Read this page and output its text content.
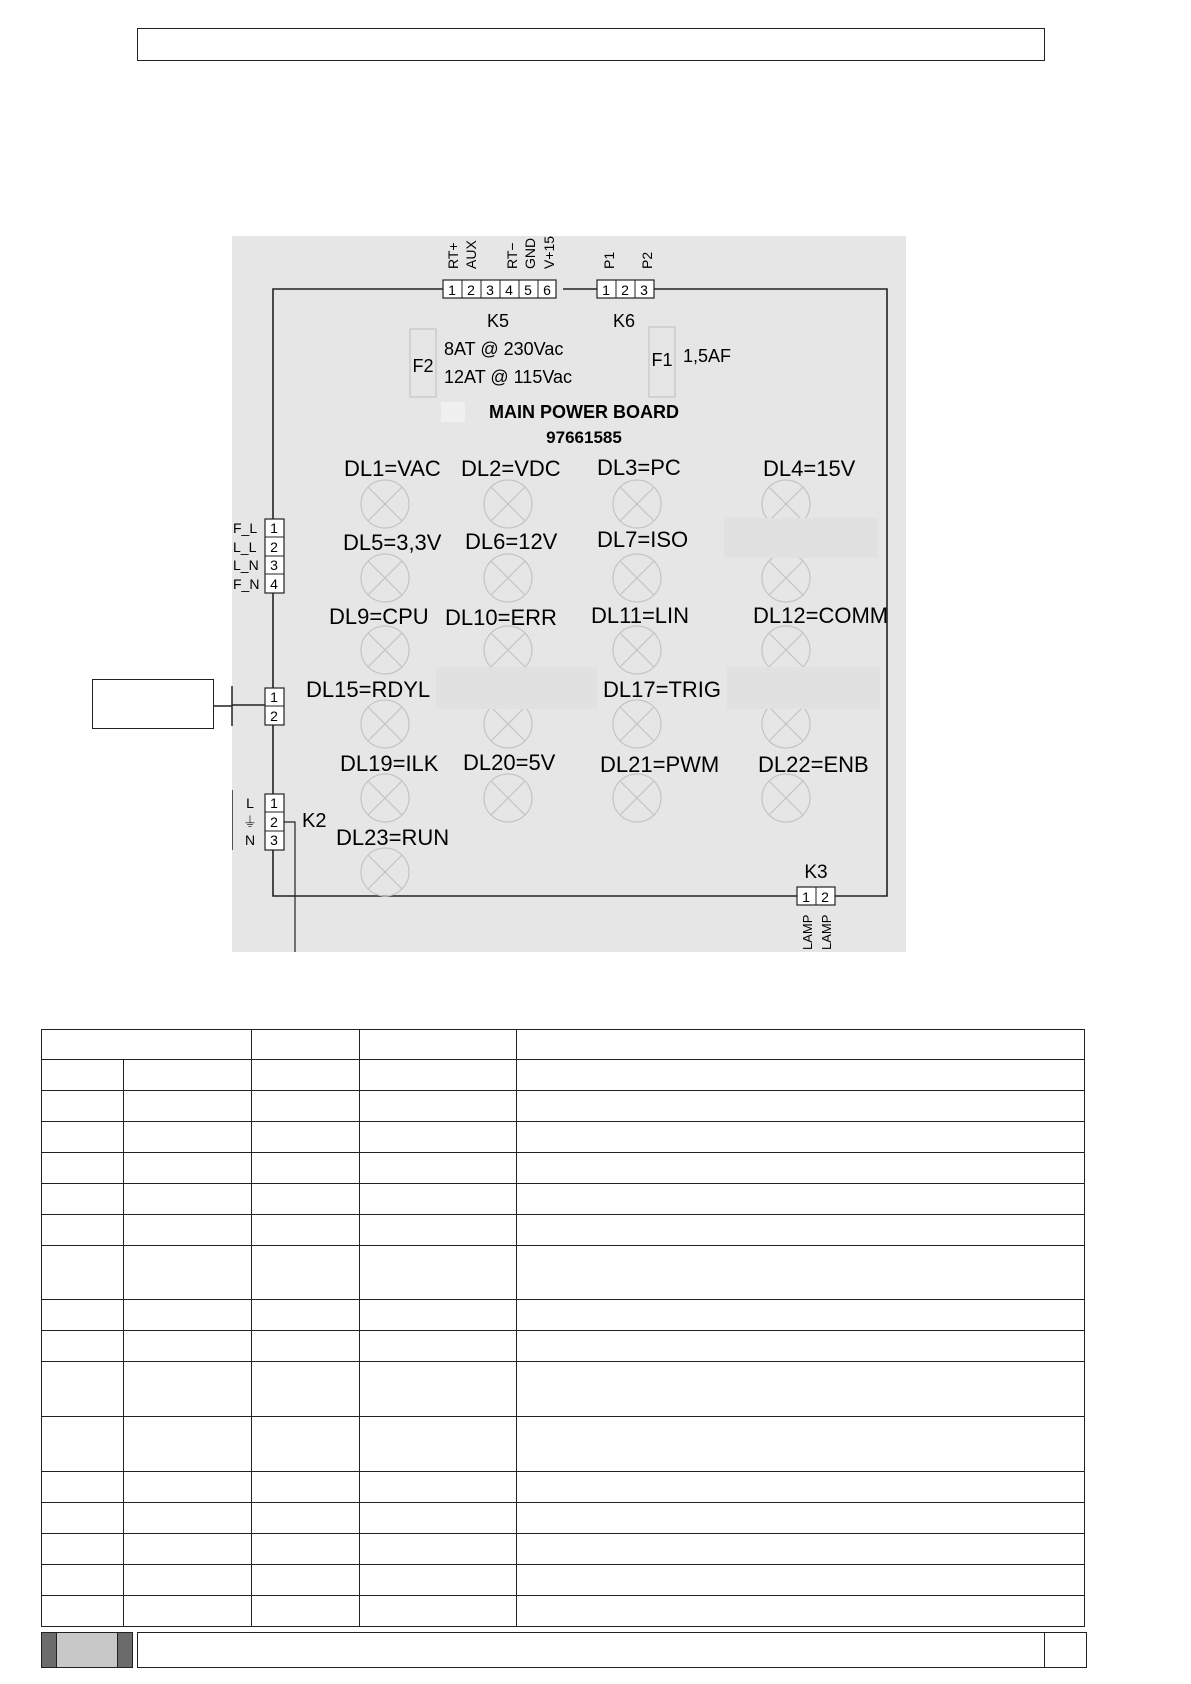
1 2 3 4 5 6
RT+ AUX RT− GND V+15
K5
1 2 3
P1 P2
K6
F2
8AT @ 230Vac
12AT @ 115Vac
F1 1,5AF
MAIN POWER BOARD
97661585
DL1=VAC DL2=VDC DL3=PC	DL4=15V
DL5=3,3V DL6=12V DL7=ISO
DL9=CPU DL10=ERR DL11=LIN	DL12=COMM
DL15=RDYL	DL17=TRIG
DL19=ILK DL20=5V DL21=PWM DL22=ENB
DL23=RUN
1
2
3
4
F_L
L_L
L_N
F_N
1
2
1
2
3
L
⏚
N
K2
K3
1 2
LAMP LAMP
